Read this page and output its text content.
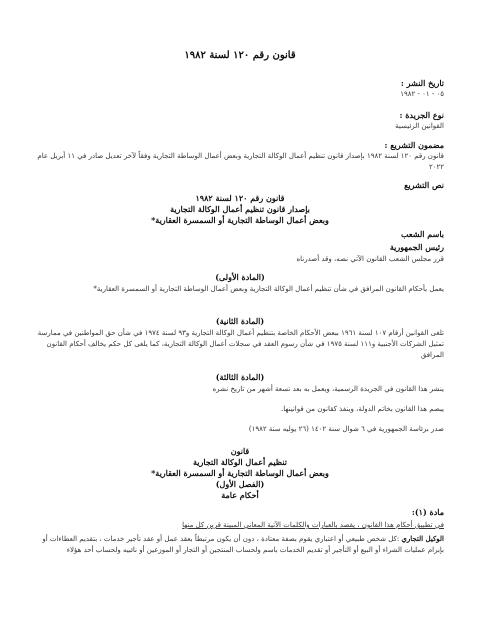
قانون رقم ١٢٠ لسنة ١٩٨٢
تاريخ النشر :
٠٥ - ٠١ - ١٩٨٢
نوع الجريدة :
القوانين الرئيسية
مضمون التشريع :
قانون رقم ١٢٠ لسنة ١٩٨٢ بإصدار قانون تنظيم أعمال الوكالة التجارية وبعض أعمال الوساطة التجارية وفقاً لآخر تعديل صادر في ١١ أبريل عام ٢٠٢٢
نص التشريع
قانون رقم ١٢٠ لسنة ١٩٨٢
بإصدار قانون تنظيم أعمال الوكالة التجارية
وبعض أعمال الوساطة التجارية أو السمسرة العقارية*
باسم الشعب
رئيس الجمهورية
قرر مجلس الشعب القانون الآتي نصه، وقد أصدرناه
(المادة الأولى)
يعمل بأحكام القانون المرافق في شأن تنظيم أعمال الوكالة التجارية وبعض أعمال الوساطة التجارية أو السمسرة العقارية*
(المادة الثانية)
تلغى القوانين أرقام ١٠٧ لسنة ١٩٦١ ببعض الأحكام الخاصة بتنظيم أعمال الوكالة التجارية و٩٣ لسنة ١٩٧٤ في شأن حق المواطنين في ممارسة تمثيل الشركات الأجنبية و١١١ لسنة ١٩٧٥ في شأن رسوم العقد في سجلات أعمال الوكالة التجارية، كما يلغى كل حكم يخالف أحكام القانون المرافق
(المادة الثالثة)
ينشر هذا القانون في الجريدة الرسمية، ويعمل به بعد تسعة أشهر من تاريخ نشره
يبصم هذا القانون بخاتم الدولة، وينفذ كقانون من قوانينها.
صدر برئاسة الجمهورية في ٦ شوال سنة ١٤٠٢ (٢٦ يوليه سنة ١٩٨٢)
قانون
تنظيم أعمال الوكالة التجارية
وبعض أعمال الوساطة التجارية أو السمسرة العقارية*
(الفصل الأول)
أحكام عامة
مادة (١):
في تطبيق أحكام هذا القانون ، يقصد بالعبارات والكلمات الآتية المعاني المبينة قرين كل منها
الوكيل التجاري :كل شخص طبيعي أو اعتباري يقوم بصفة معتادة ، دون أن يكون مرتبطاً بعقد عمل أو عقد تأجير خدمات ، بتقديم العطاءات أو بإبرام عمليات الشراء أو البيع أو التأجير أو تقديم الخدمات باسم ولحساب المنتجين أو التجار أو الموزعين أو نائبيه ولحساب أحد هؤلاء
